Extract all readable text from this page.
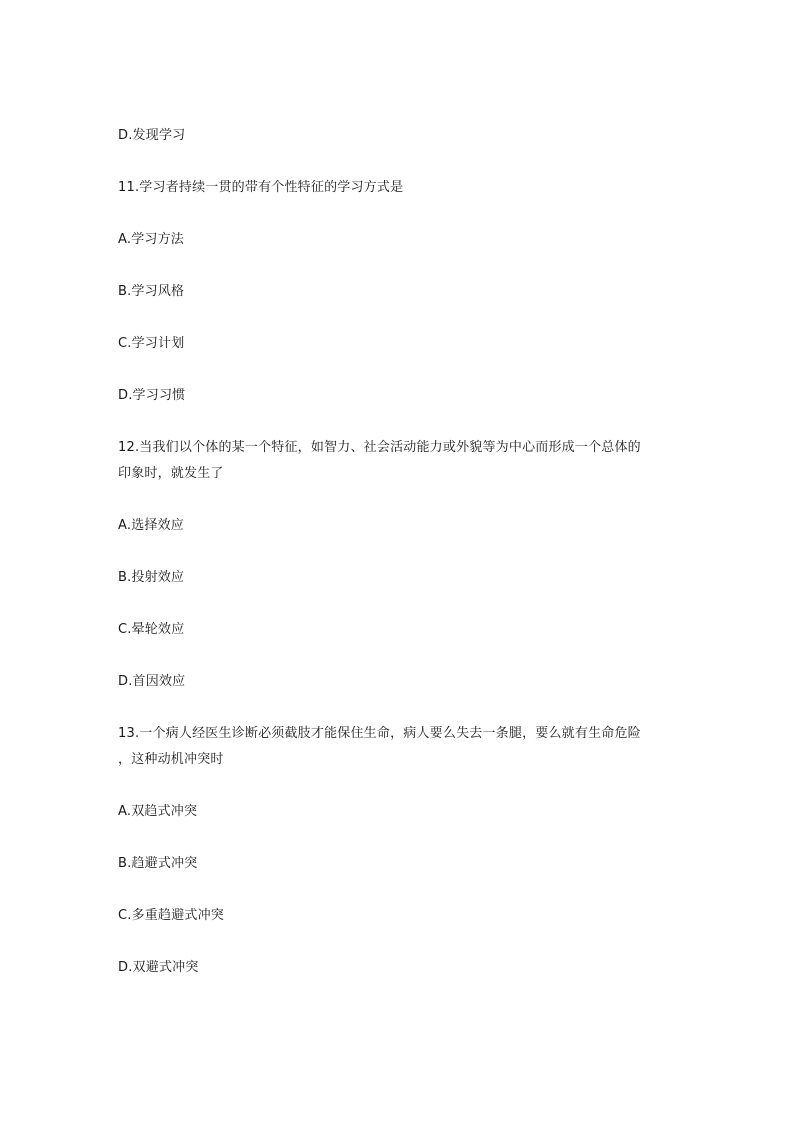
D.发现学习
11.学习者持续一贯的带有个性特征的学习方式是
A.学习方法
B.学习风格
C.学习计划
D.学习习惯
12.当我们以个体的某一个特征，如智力、社会活动能力或外貌等为中心而形成一个总体的
印象时，就发生了
A.选择效应
B.投射效应
C.晕轮效应
D.首因效应
13.一个病人经医生诊断必须截肢才能保住生命，病人要么失去一条腿，要么就有生命危险
，这种动机冲突时
A.双趋式冲突
B.趋避式冲突
C.多重趋避式冲突
D.双避式冲突
